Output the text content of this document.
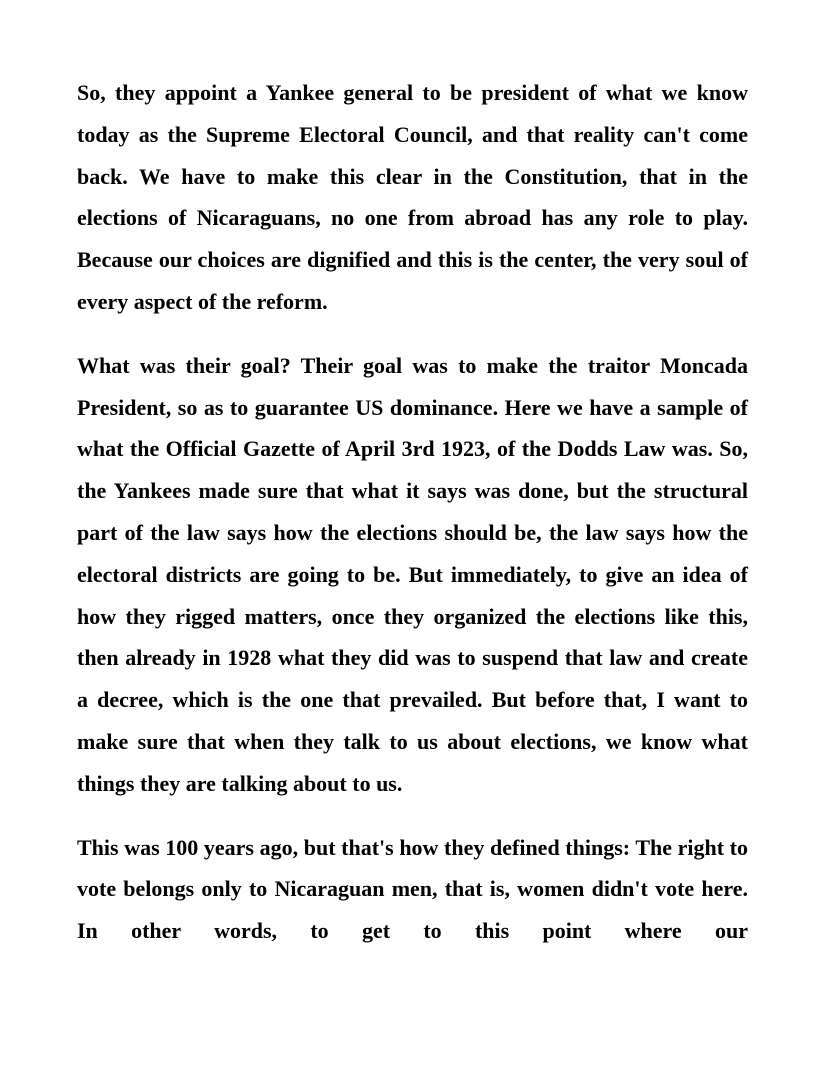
So, they appoint a Yankee general to be president of what we know today as the Supreme Electoral Council, and that reality can't come back. We have to make this clear in the Constitution, that in the elections of Nicaraguans, no one from abroad has any role to play. Because our choices are dignified and this is the center, the very soul of every aspect of the reform.

What was their goal? Their goal was to make the traitor Moncada President, so as to guarantee US dominance. Here we have a sample of what the Official Gazette of April 3rd 1923, of the Dodds Law was. So, the Yankees made sure that what it says was done, but the structural part of the law says how the elections should be, the law says how the electoral districts are going to be. But immediately, to give an idea of how they rigged matters, once they organized the elections like this, then already in 1928 what they did was to suspend that law and create a decree, which is the one that prevailed. But before that, I want to make sure that when they talk to us about elections, we know what things they are talking about to us.

This was 100 years ago, but that's how they defined things: The right to vote belongs only to Nicaraguan men, that is, women didn't vote here. In other words, to get to this point where our
